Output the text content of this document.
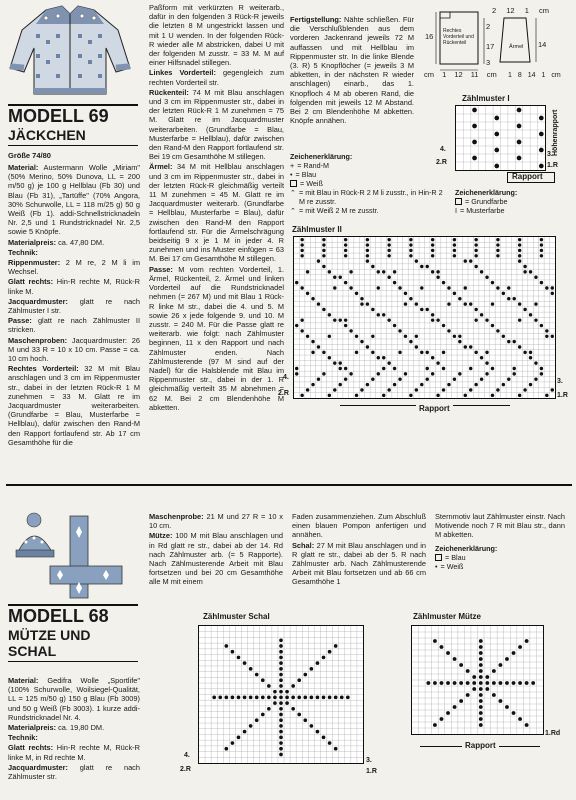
MODELL 69
JÄCKCHEN
Größe 74/80

Material: Austermann Wolle „Miriam" (50% Merino, 50% Dunova, LL = 200 m/50 g) je 100 g Hellblau (Fb 30) und Blau (Fb 31), „Tartüffe" (70% Angora, 30% Schurwolle, LL = 118 m/25 g) 50 g Weiß (Fb 1). addi-Schnellstricknadeln Nr. 2,5 und 1 Rundstricknadel Nr. 2,5 sowie 5 Knöpfe.

Materialpreis: ca. 47,80 DM.

Technik:

Rippenmuster: 2 M re, 2 M li im Wechsel.

Glatt rechts: Hin-R rechte M, Rück-R linke M.

Jacquardmuster: glatt re nach Zählmuster I str.

Passe: glatt re nach Zählmuster II stricken.

Maschenproben: Jacquardmuster: 26 M und 33 R = 10 x 10 cm. Passe = ca. 10 cm hoch.

Rechtes Vorderteil: 32 M mit Blau anschlagen und 3 cm im Rippenmuster str., dabei in der letzten Rück-R 1 M zunehmen = 33 M. Glatt re im Jacquardmuster weiterarbeiten. (Grundfarbe = Blau, Musterfarbe = Hellblau), dafür zwischen den Rand-M den Rapport fortlaufend str. Ab 17 cm Gesamthöhe für die

Paßform mit verkürzten R weiterarb., dafür in den folgenden 3 Rück-R jeweils die letzten 8 M ungestrickt lassen und mit 1 U wenden. In der folgenden Rück-R wieder alle M abstricken, dabei U mit der folgenden M zusstr. = 33 M. M auf einer Hilfsnadel stillegen.

Linkes Vorderteil: gegengleich zum rechten Vorderteil str.

Rückenteil: 74 M mit Blau anschlagen und 3 cm im Rippenmuster str., dabei in der letzten Rück-R 1 M zunehmen = 75 M. Glatt re im Jacquardmuster weiterarbeiten. (Grundfarbe = Blau, Musterfarbe = Hellblau), dafür zwischen den Rand-M den Rapport fortlaufend str. Bei 19 cm Gesamthöhe M stillegen.

Ärmel: 34 M mit Hellblau anschlagen und 3 cm im Rippenmuster str., dabei in der letzten Rück-R gleichmäßig verteilt 11 M zunehmen = 45 M. Glatt re im Jacquardmuster weiterarb. (Grundfarbe = Hellblau, Musterfarbe = Blau), dafür zwischen den Rand-M den Rapport fortlaufend str. Für die Ärmelschrägung beidseitig 9 x je 1 M in jeder 4. R zunehmen und ins Muster einfügen = 63 M. Bei 17 cm Gesamthöhe M stillegen.

Passe: M vom rechten Vorderteil, 1. Ärmel, Rückenteil, 2. Ärmel und linken Vorderteil auf die Rundstricknadel nehmen (= 267 M) und mit Blau 1 Rück-R linke M str., dabei die 4. und 5. M sowie 26 x jede folgende 9. und 10. M zusstr. = 240 M. Für die Passe glatt re weiterarb. wie folgt: nach Zählmuster beginnen, 11 x den Rapport und nach Zählmuster enden. Nach Zählmusterende (97 M sind auf der Nadel) für die Halsblende mit Blau im Rippenmuster str., dabei in der 1. R gleichmäßig verteilt 35 M abnehmen = 62 M. Bei 2 cm Blendenhöhe M abketten.

Fertigstellung: Nähte schließen. Für die Verschlußblenden aus dem vorderen Jackenrand jeweils 72 M auffassen und mit Hellblau im Rippenmuster str. In die linke Blende (3. R) 5 Knopflöcher (= jeweils 3 M abketten, in der nächsten R wieder anschlagen) einarb., das 1. Knopfloch 4 M ab oberen Rand, die folgenden mit jeweils 12 M Abstand. Bei 2 cm Blendenhöhe M abketten. Knöpfe annähen.

Rechtes Vorderteil und Rückenteil
Ärmel
2 12 1 cm
16
17	14
2
3
cm 1 12 11 cm 1 8 14 1 cm
Zählmuster I
4.
2.R
3.
1.R
Höhenrapport
Rapport
Zeichenerklärung:
+ = Rand-M
• = Blau
= Weiß
⌃ = mit Blau in Rück-R 2 M li zusstr., in Hin-R 2 M re zusstr.
⌃ = mit Weiß 2 M re zusstr.
Zeichenerklärung:
= Grundfarbe
I = Musterfarbe
Zählmuster II
4.
2.R
3.
1.R
Rapport
MODELL 68
MÜTZE UND
SCHAL

Material: Gedifra Wolle „Sportlife" (100% Schurwolle, Woilsiegel-Qualität, LL = 125 m/50 g) 150 g Blau (Fb 3009) und 50 g Weiß (Fb 3003). 1 kurze addi-Rundstricknadel Nr. 4.

Materialpreis: ca. 19,80 DM.

Technik:

Glatt rechts: Hin-R rechte M, Rück-R linke M, in Rd rechte M.

Jacquardmuster: glatt re nach Zählmuster str.

Maschenprobe: 21 M und 27 R = 10 x 10 cm.

Mütze: 100 M mit Blau anschlagen und in Rd glatt re str., dabei ab der 14. Rd nach Zählmuster arb. (= 5 Rapporte). Nach Zählmusterende Arbeit mit Blau fortsetzen und bei 20 cm Gesamthöhe alle M mit einem

Faden zusammenziehen. Zum Abschluß einen blauen Pompon anfertigen und annähen.

Schal: 27 M mit Blau anschlagen und in R glatt re str., dabei ab der 5. R nach Zählmuster arb. Nach Zählmusterende Arbeit mit Blau fortsetzen und ab 66 cm Gesamthöhe 1

Sternmotiv laut Zählmuster einstr. Nach Motivende noch 7 R mit Blau str., dann M abketten.

Zeichenerklärung:
= Blau
• = Weiß
Zählmuster Schal
4.
2.R
3.
1.R
Zählmuster Mütze
1.Rd
Rapport
